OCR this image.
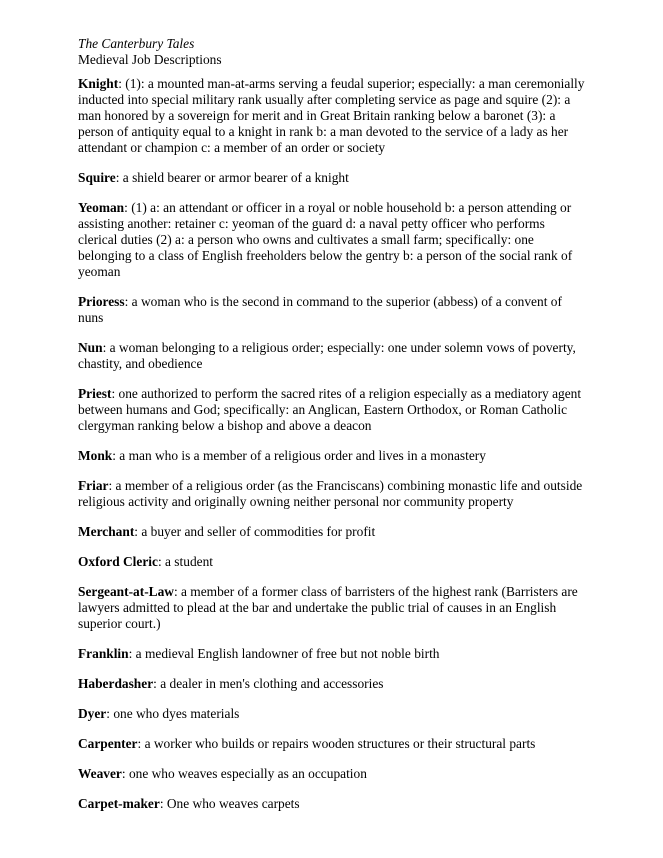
The Canterbury Tales
Medieval Job Descriptions

Knight: (1): a mounted man-at-arms serving a feudal superior; especially: a man ceremonially inducted into special military rank usually after completing service as page and squire (2): a man honored by a sovereign for merit and in Great Britain ranking below a baronet (3): a person of antiquity equal to a knight in rank b: a man devoted to the service of a lady as her attendant or champion c: a member of an order or society

Squire: a shield bearer or armor bearer of a knight

Yeoman: (1) a: an attendant or officer in a royal or noble household b: a person attending or assisting another: retainer c: yeoman of the guard d: a naval petty officer who performs clerical duties (2) a: a person who owns and cultivates a small farm; specifically: one belonging to a class of English freeholders below the gentry b: a person of the social rank of yeoman

Prioress: a woman who is the second in command to the superior (abbess) of a convent of nuns

Nun: a woman belonging to a religious order; especially: one under solemn vows of poverty, chastity, and obedience

Priest: one authorized to perform the sacred rites of a religion especially as a mediatory agent between humans and God; specifically: an Anglican, Eastern Orthodox, or Roman Catholic clergyman ranking below a bishop and above a deacon

Monk: a man who is a member of a religious order and lives in a monastery

Friar: a member of a religious order (as the Franciscans) combining monastic life and outside religious activity and originally owning neither personal nor community property

Merchant: a buyer and seller of commodities for profit

Oxford Cleric: a student

Sergeant-at-Law: a member of a former class of barristers of the highest rank (Barristers are lawyers admitted to plead at the bar and undertake the public trial of causes in an English superior court.)

Franklin: a medieval English landowner of free but not noble birth

Haberdasher: a dealer in men's clothing and accessories

Dyer: one who dyes materials

Carpenter: a worker who builds or repairs wooden structures or their structural parts

Weaver: one who weaves especially as an occupation

Carpet-maker: One who weaves carpets
